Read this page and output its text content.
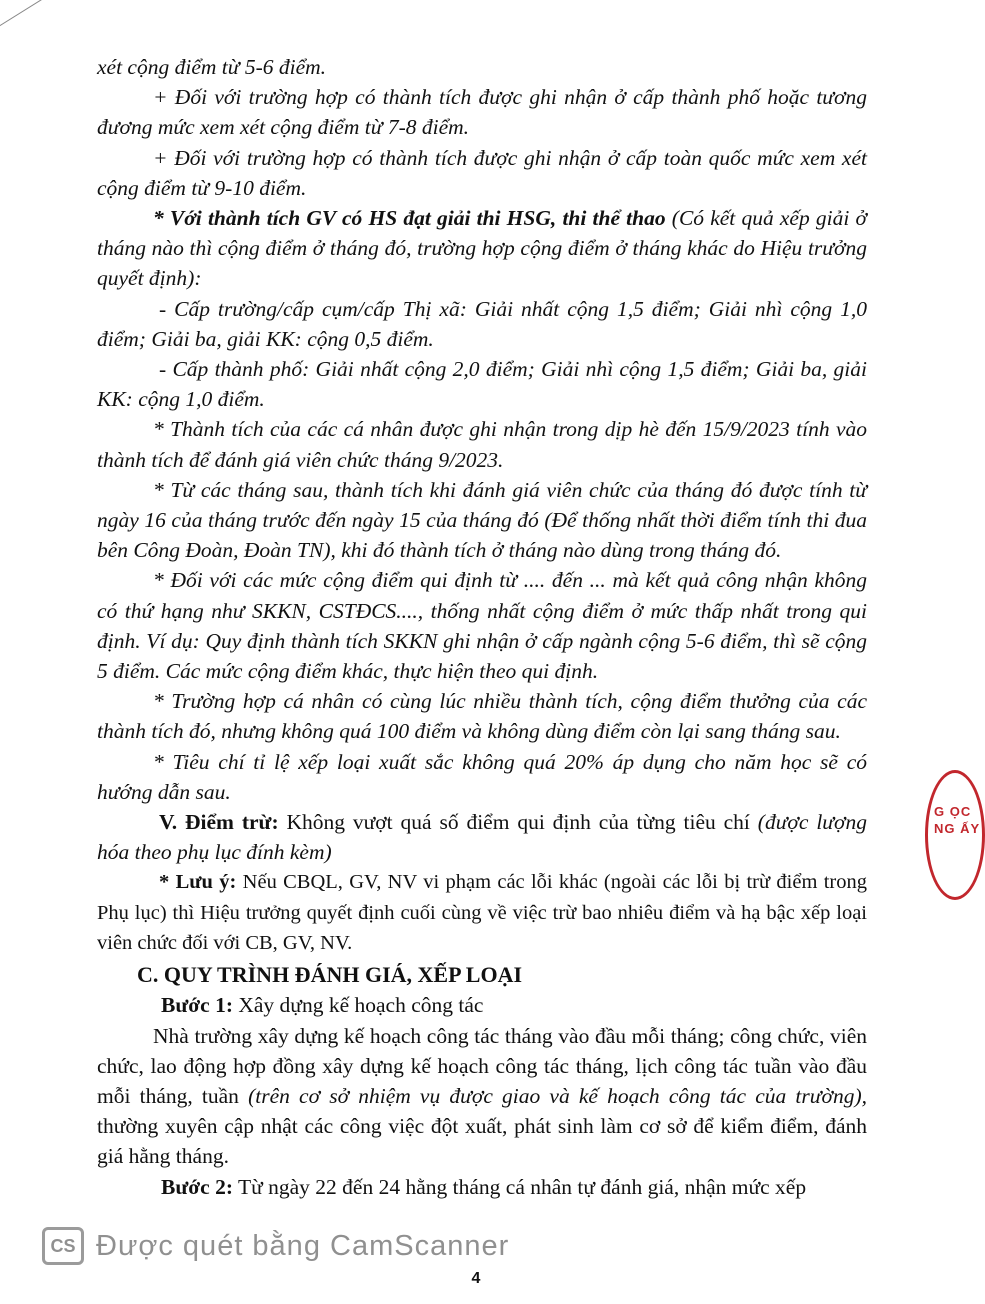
xét cộng điểm từ 5-6 điểm.

+ Đối với trường hợp có thành tích được ghi nhận ở cấp thành phố hoặc tương đương mức xem xét cộng điểm từ 7-8 điểm.

+ Đối với trường hợp có thành tích được ghi nhận ở cấp toàn quốc mức xem xét cộng điểm từ 9-10 điểm.

* Với thành tích GV có HS đạt giải thi HSG, thi thể thao (Có kết quả xếp giải ở tháng nào thì cộng điểm ở tháng đó, trường hợp cộng điểm ở tháng khác do Hiệu trưởng quyết định):

- Cấp trường/cấp cụm/cấp Thị xã: Giải nhất cộng 1,5 điểm; Giải nhì cộng 1,0 điểm; Giải ba, giải KK: cộng 0,5 điểm.

- Cấp thành phố: Giải nhất cộng 2,0 điểm; Giải nhì cộng 1,5 điểm; Giải ba, giải KK: cộng 1,0 điểm.

* Thành tích của các cá nhân được ghi nhận trong dịp hè đến 15/9/2023 tính vào thành tích để đánh giá viên chức tháng 9/2023.

* Từ các tháng sau, thành tích khi đánh giá viên chức của tháng đó được tính từ ngày 16 của tháng trước đến ngày 15 của tháng đó (Để thống nhất thời điểm tính thi đua bên Công Đoàn, Đoàn TN), khi đó thành tích ở tháng nào dùng trong tháng đó.

* Đối với các mức cộng điểm qui định từ .... đến ... mà kết quả công nhận không có thứ hạng như SKKN, CSTĐCS...., thống nhất cộng điểm ở mức thấp nhất trong qui định. Ví dụ: Quy định thành tích SKKN ghi nhận ở cấp ngành cộng 5-6 điểm, thì sẽ cộng 5 điểm. Các mức cộng điểm khác, thực hiện theo qui định.

* Trường hợp cá nhân có cùng lúc nhiều thành tích, cộng điểm thưởng của các thành tích đó, nhưng không quá 100 điểm và không dùng điểm còn lại sang tháng sau.

* Tiêu chí tỉ lệ xếp loại xuất sắc không quá 20% áp dụng cho năm học sẽ có hướng dẫn sau.

V. Điểm trừ: Không vượt quá số điểm qui định của từng tiêu chí (được lượng hóa theo phụ lục đính kèm)

* Lưu ý: Nếu CBQL, GV, NV vi phạm các lỗi khác (ngoài các lỗi bị trừ điểm trong Phụ lục) thì Hiệu trưởng quyết định cuối cùng về việc trừ bao nhiêu điểm và hạ bậc xếp loại viên chức đối với CB, GV, NV.

C. QUY TRÌNH ĐÁNH GIÁ, XẾP LOẠI

Bước 1: Xây dựng kế hoạch công tác

Nhà trường xây dựng kế hoạch công tác tháng vào đầu mỗi tháng; công chức, viên chức, lao động hợp đồng xây dựng kế hoạch công tác tháng, lịch công tác tuần vào đầu mỗi tháng, tuần (trên cơ sở nhiệm vụ được giao và kế hoạch công tác của trường), thường xuyên cập nhật các công việc đột xuất, phát sinh làm cơ sở để kiểm điểm, đánh giá hằng tháng.

Bước 2: Từ ngày 22 đến 24 hằng tháng cá nhân tự đánh giá, nhận mức xếp

G ỌC NG ẤY
CS Được quét bằng CamScanner
4
